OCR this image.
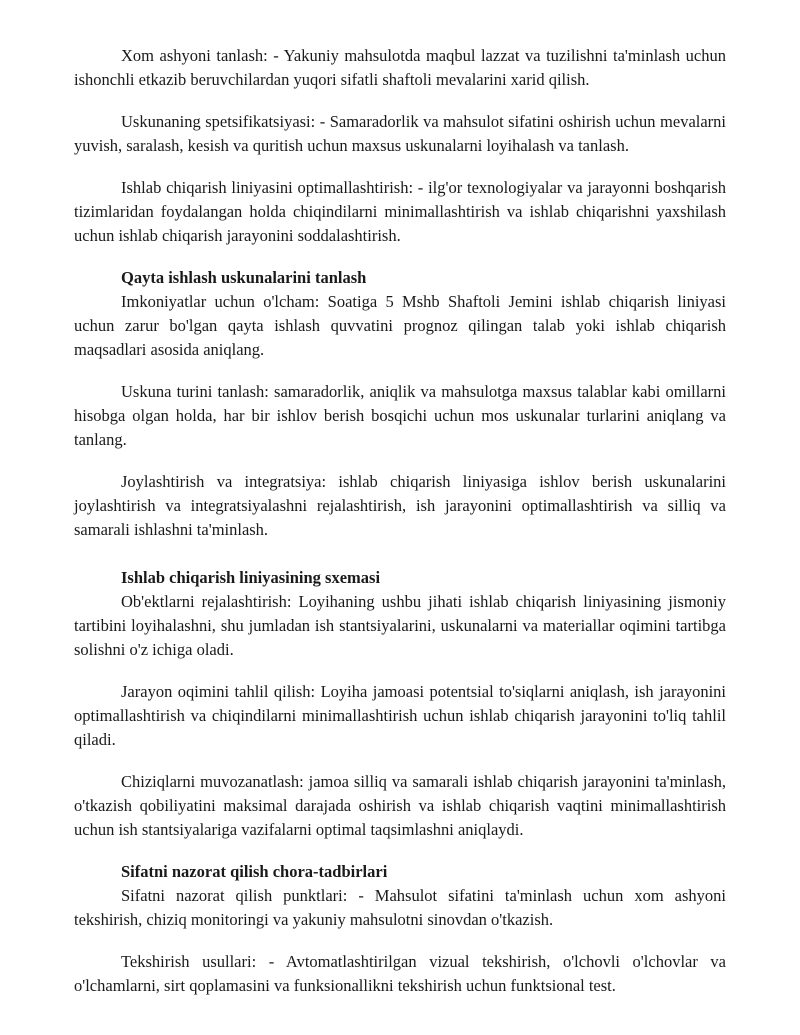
Xom ashyoni tanlash: - Yakuniy mahsulotda maqbul lazzat va tuzilishni ta'minlash uchun ishonchli etkazib beruvchilardan yuqori sifatli shaftoli mevalarini xarid qilish.

Uskunaning spetsifikatsiyasi: - Samaradorlik va mahsulot sifatini oshirish uchun mevalarni yuvish, saralash, kesish va quritish uchun maxsus uskunalarni loyihalash va tanlash.

Ishlab chiqarish liniyasini optimallashtirish: - ilg'or texnologiyalar va jarayonni boshqarish tizimlaridan foydalangan holda chiqindilarni minimallashtirish va ishlab chiqarishni yaxshilash uchun ishlab chiqarish jarayonini soddalashtirish.

Qayta ishlash uskunalarini tanlash

Imkoniyatlar uchun o'lcham: Soatiga 5 Mshb Shaftoli Jemini ishlab chiqarish liniyasi uchun zarur bo'lgan qayta ishlash quvvatini prognoz qilingan talab yoki ishlab chiqarish maqsadlari asosida aniqlang.

Uskuna turini tanlash: samaradorlik, aniqlik va mahsulotga maxsus talablar kabi omillarni hisobga olgan holda, har bir ishlov berish bosqichi uchun mos uskunalar turlarini aniqlang va tanlang.

Joylashtirish va integratsiya: ishlab chiqarish liniyasiga ishlov berish uskunalarini joylashtirish va integratsiyalashni rejalashtirish, ish jarayonini optimallashtirish va silliq va samarali ishlashni ta'minlash.

Ishlab chiqarish liniyasining sxemasi

Ob'ektlarni rejalashtirish: Loyihaning ushbu jihati ishlab chiqarish liniyasining jismoniy tartibini loyihalashni, shu jumladan ish stantsiyalarini, uskunalarni va materiallar oqimini tartibga solishni o'z ichiga oladi.

Jarayon oqimini tahlil qilish: Loyiha jamoasi potentsial to'siqlarni aniqlash, ish jarayonini optimallashtirish va chiqindilarni minimallashtirish uchun ishlab chiqarish jarayonini to'liq tahlil qiladi.

Chiziqlarni muvozanatlash: jamoa silliq va samarali ishlab chiqarish jarayonini ta'minlash, o'tkazish qobiliyatini maksimal darajada oshirish va ishlab chiqarish vaqtini minimallashtirish uchun ish stantsiyalariga vazifalarni optimal taqsimlashni aniqlaydi.

Sifatni nazorat qilish chora-tadbirlari

Sifatni nazorat qilish punktlari: - Mahsulot sifatini ta'minlash uchun xom ashyoni tekshirish, chiziq monitoringi va yakuniy mahsulotni sinovdan o'tkazish.

Tekshirish usullari: - Avtomatlashtirilgan vizual tekshirish, o'lchovli o'lchovlar va o'lchamlarni, sirt qoplamasini va funksionallikni tekshirish uchun funktsional test.
